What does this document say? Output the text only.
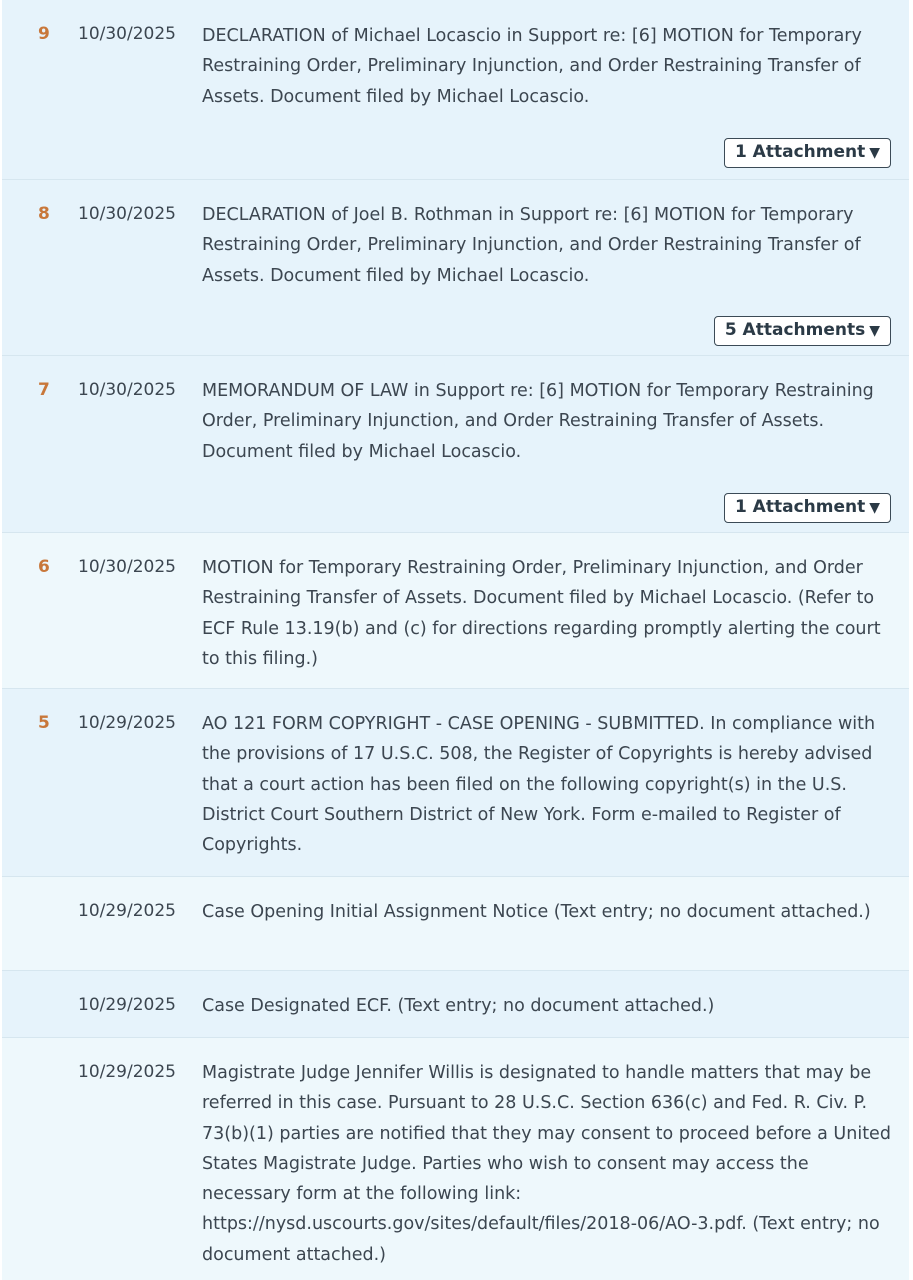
9 10/30/2025 DECLARATION of Michael Locascio in Support re: [6] MOTION for Temporary Restraining Order, Preliminary Injunction, and Order Restraining Transfer of Assets. Document filed by Michael Locascio.
1 Attachment ▼
8 10/30/2025 DECLARATION of Joel B. Rothman in Support re: [6] MOTION for Temporary Restraining Order, Preliminary Injunction, and Order Restraining Transfer of Assets. Document filed by Michael Locascio.
5 Attachments ▼
7 10/30/2025 MEMORANDUM OF LAW in Support re: [6] MOTION for Temporary Restraining Order, Preliminary Injunction, and Order Restraining Transfer of Assets. Document filed by Michael Locascio.
1 Attachment ▼
6 10/30/2025 MOTION for Temporary Restraining Order, Preliminary Injunction, and Order Restraining Transfer of Assets. Document filed by Michael Locascio. (Refer to ECF Rule 13.19(b) and (c) for directions regarding promptly alerting the court to this filing.)
5 10/29/2025 AO 121 FORM COPYRIGHT - CASE OPENING - SUBMITTED. In compliance with the provisions of 17 U.S.C. 508, the Register of Copyrights is hereby advised that a court action has been filed on the following copyright(s) in the U.S. District Court Southern District of New York. Form e-mailed to Register of Copyrights.
10/29/2025 Case Opening Initial Assignment Notice (Text entry; no document attached.)
10/29/2025 Case Designated ECF. (Text entry; no document attached.)
10/29/2025 Magistrate Judge Jennifer Willis is designated to handle matters that may be referred in this case. Pursuant to 28 U.S.C. Section 636(c) and Fed. R. Civ. P. 73(b)(1) parties are notified that they may consent to proceed before a United States Magistrate Judge. Parties who wish to consent may access the necessary form at the following link: https://nysd.uscourts.gov/sites/default/files/2018-06/AO-3.pdf. (Text entry; no document attached.)
